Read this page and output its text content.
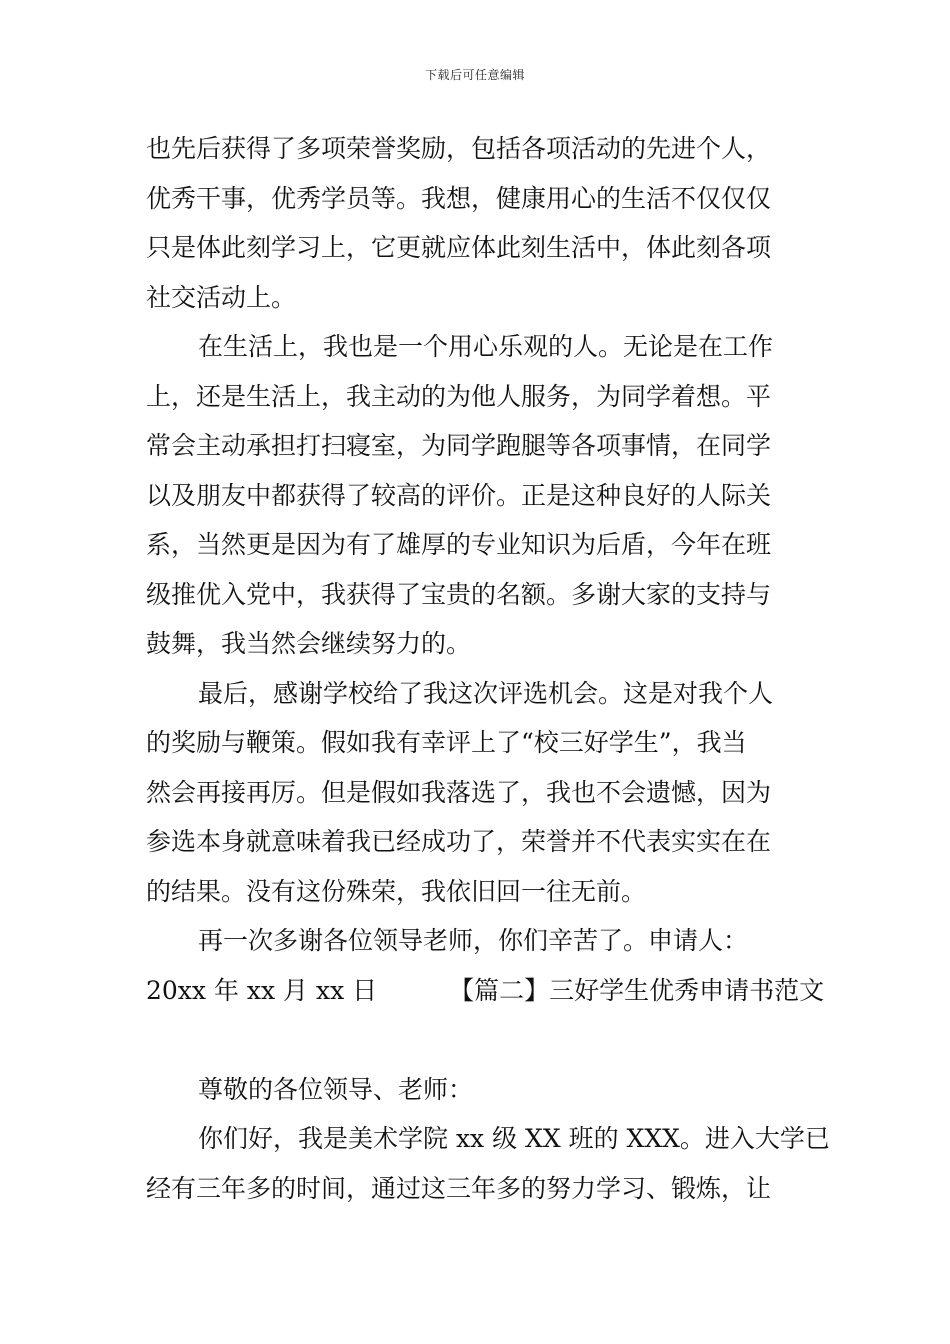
下载后可任意编辑
也先后获得了多项荣誉奖励，包括各项活动的先进个人，
优秀干事，优秀学员等。我想，健康用心的生活不仅仅仅
只是体此刻学习上，它更就应体此刻生活中，体此刻各项
社交活动上。
在生活上，我也是一个用心乐观的人。无论是在工作
上，还是生活上，我主动的为他人服务，为同学着想。平
常会主动承担打扫寝室，为同学跑腿等各项事情，在同学
以及朋友中都获得了较高的评价。正是这种良好的人际关
系，当然更是因为有了雄厚的专业知识为后盾，今年在班
级推优入党中，我获得了宝贵的名额。多谢大家的支持与
鼓舞，我当然会继续努力的。
最后，感谢学校给了我这次评选机会。这是对我个人
的奖励与鞭策。假如我有幸评上了“校三好学生”，我当
然会再接再厉。但是假如我落选了，我也不会遗憾，因为
参选本身就意味着我已经成功了，荣誉并不代表实实在在
的结果。没有这份殊荣，我依旧回一往无前。
再一次多谢各位领导老师，你们辛苦了。申请人：
20xx 年 xx 月 xx 日	【篇二】三好学生优秀申请书范文
尊敬的各位领导、老师：
你们好，我是美术学院 xx 级 XX 班的 XXX。进入大学已
经有三年多的时间，通过这三年多的努力学习、锻炼，让
